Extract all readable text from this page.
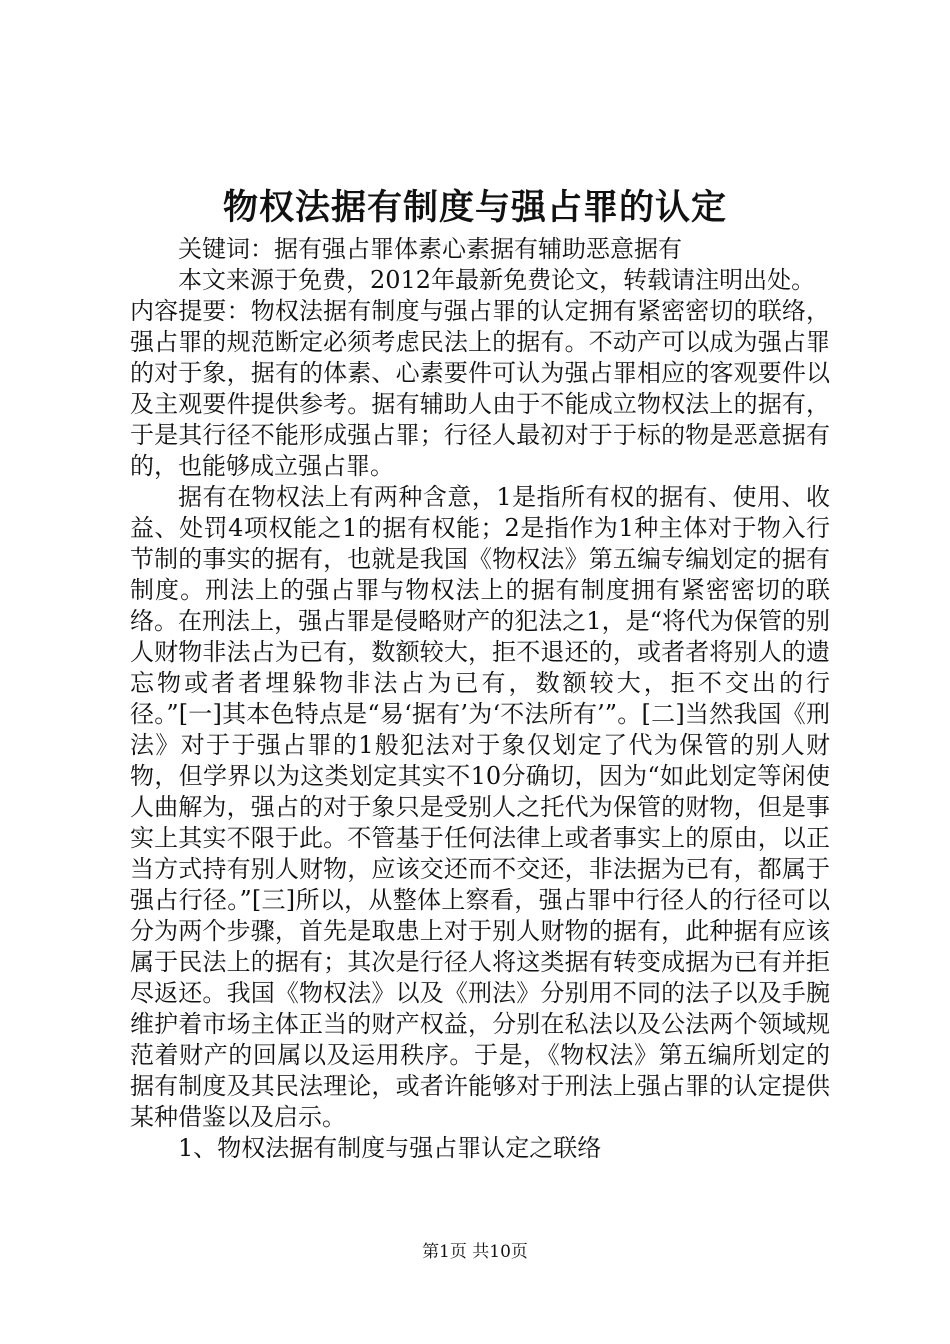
物权法据有制度与强占罪的认定

关键词：据有强占罪体素心素据有辅助恶意据有

本文来源于免费，2012年最新免费论文，转载请注明出处。

内容提要：物权法据有制度与强占罪的认定拥有紧密密切的联络，强占罪的规范断定必须考虑民法上的据有。不动产可以成为强占罪的对于象，据有的体素、心素要件可认为强占罪相应的客观要件以及主观要件提供参考。据有辅助人由于不能成立物权法上的据有，于是其行径不能形成强占罪；行径人最初对于于标的物是恶意据有的，也能够成立强占罪。

据有在物权法上有两种含意，1是指所有权的据有、使用、收益、处罚4项权能之1的据有权能；2是指作为1种主体对于物入行节制的事实的据有，也就是我国《物权法》第五编专编划定的据有制度。刑法上的强占罪与物权法上的据有制度拥有紧密密切的联络。在刑法上，强占罪是侵略财产的犯法之1，是“将代为保管的别人财物非法占为已有，数额较大，拒不退还的，或者者将别人的遗忘物或者者埋躲物非法占为已有，数额较大，拒不交出的行径。”[一]其本色特点是“易‘据有’为‘不法所有’”。[二]当然我国《刑法》对于于强占罪的1般犯法对于象仅划定了代为保管的别人财物，但学界以为这类划定其实不10分确切，因为“如此划定等闲使人曲解为，强占的对于象只是受别人之托代为保管的财物，但是事实上其实不限于此。不管基于任何法律上或者事实上的原由，以正当方式持有别人财物，应该交还而不交还，非法据为已有，都属于强占行径。”[三]所以，从整体上察看，强占罪中行径人的行径可以分为两个步骤，首先是取患上对于别人财物的据有，此种据有应该属于民法上的据有；其次是行径人将这类据有转变成据为已有并拒尽返还。我国《物权法》以及《刑法》分别用不同的法子以及手腕维护着市场主体正当的财产权益，分别在私法以及公法两个领域规范着财产的回属以及运用秩序。于是，《物权法》第五编所划定的据有制度及其民法理论，或者许能够对于刑法上强占罪的认定提供某种借鉴以及启示。

1、物权法据有制度与强占罪认定之联络

第1页 共10页
